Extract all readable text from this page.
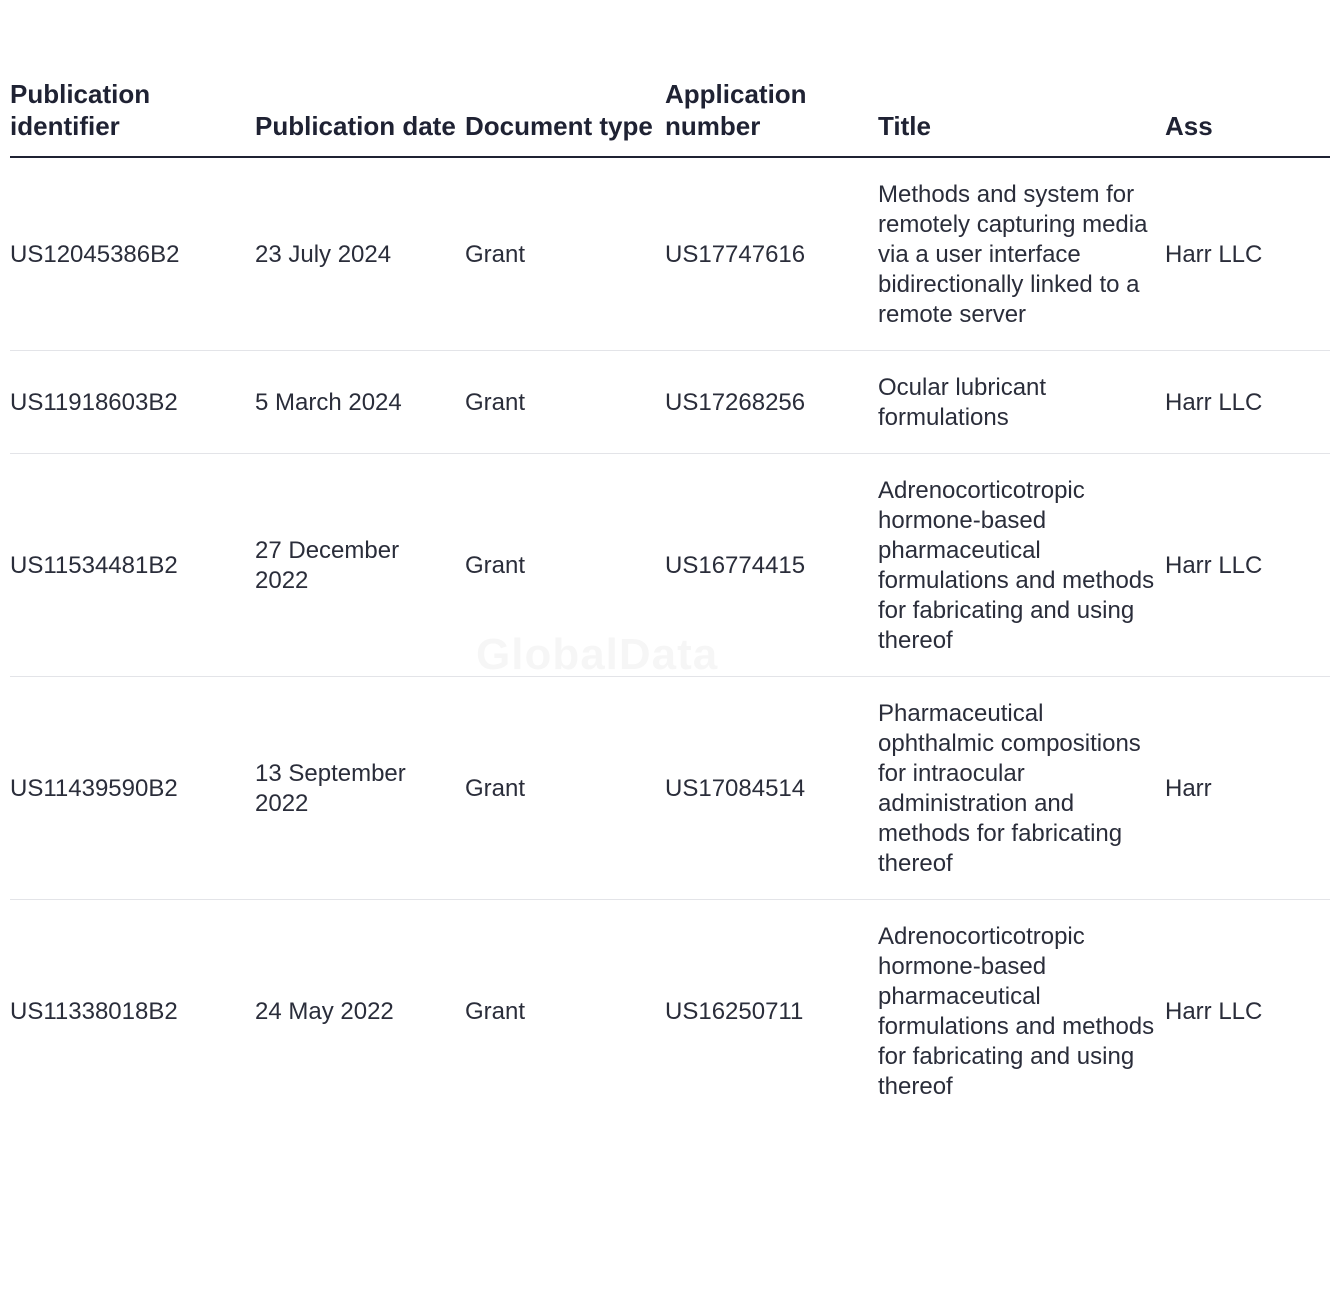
Publication identifier	Publication date	Document type	Application number	Title	Ass
US12045386B2	23 July 2024	Grant	US17747616	Methods and system for remotely capturing media via a user interface bidirectionally linked to a remote server	Harr LLC
US11918603B2	5 March 2024	Grant	US17268256	Ocular lubricant formulations	Harr LLC
US11534481B2	27 December 2022	Grant	US16774415	Adrenocorticotropic hormone-based pharmaceutical formulations and methods for fabricating and using thereof	Harr LLC
US11439590B2	13 September 2022	Grant	US17084514	Pharmaceutical ophthalmic compositions for intraocular administration and methods for fabricating thereof	Harr
US11338018B2	24 May 2022	Grant	US16250711	Adrenocorticotropic hormone-based pharmaceutical formulations and methods for fabricating and using thereof	Harr LLC
